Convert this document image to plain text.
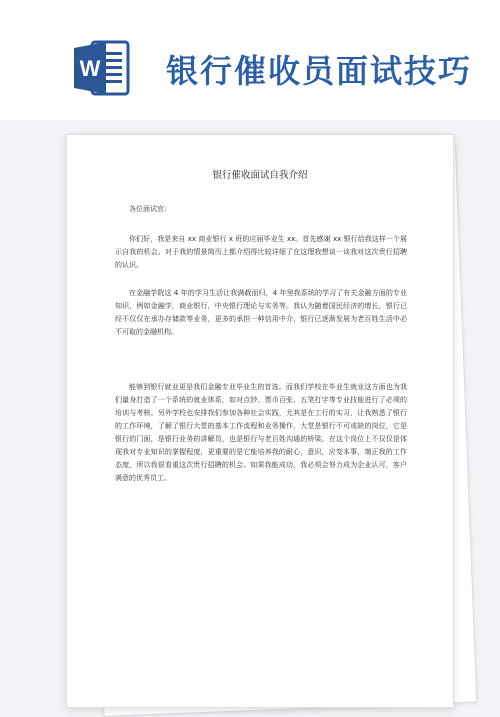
W 银行催收员面试技巧
银行催收面试自我介绍

各位面试官:

你们好，我是来自 xx 商业银行 x 班的应届毕业生 xx。首先感谢 xx 银行给我这样一个展示自我的机会。对于我的情景简历上都介绍得比较详细了在这理我想谈一谈我对这次贵行招聘的认识。

在金融学院这 4 年的学习生活让我满载而归，4 年里我系统的学习了有关金融方面的专业知识，例如金融学，商业银行，中央银行理论与实务等。我认为随着国民经济的增长，银行已经不仅仅在承办存储款等业务，更多的承担一种信用中介，银行已逐渐发展为老百姓生活中必不可取的金融机构。

能够到银行就业更是我们金融专业毕业生的首选。而我们学校在毕业生就业这方面也为我们量身打造了一个系统的就业体系，如对点钞、票币百张、五笔打字等专业技能进行了必须的培训与考核。另外学校也安排我们参加各种社会实践，尤其是在工行的实习，让我熟悉了银行的工作环境，了解了银行大堂的基本工作流程和业务操作，大堂是银行不可或缺的岗位，它是银行的门面，是银行业务的讲解员，也是银行与老百姓沟通的桥梁。在这个岗位上不仅仅是体现我对专业知识的掌握程度，更重要的是它能培养我的耐心，意识，应变本事，端正我的工作态度，所以我很看重这次贵行招聘的机会。如果我能成功，我必须会努力成为企业认可，客户满意的优秀员工。
